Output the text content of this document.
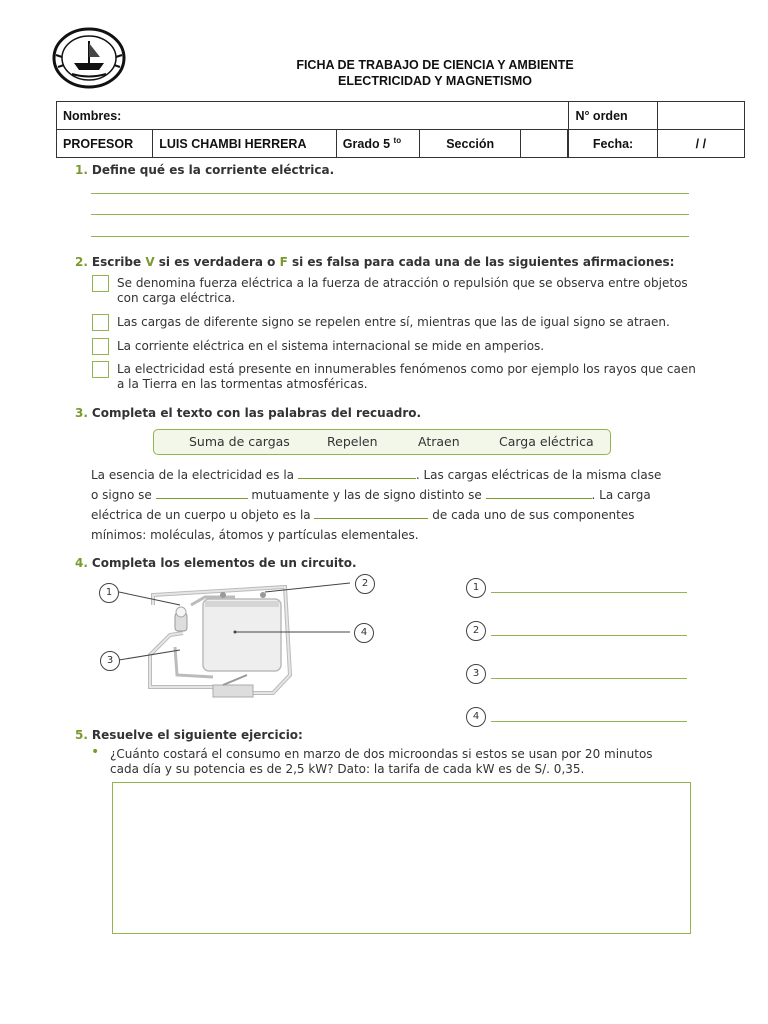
FICHA DE TRABAJO DE CIENCIA Y AMBIENTE
ELECTRICIDAD Y MAGNETISMO
Nombres:					N° orden	
PROFESOR	LUIS CHAMBI HERRERA	Grado 5 $^{to}$	Sección			Fecha:	/ /
1. Define qué es la corriente eléctrica.
2. Escribe V si es verdadera o F si es falsa para cada una de las siguientes afirmaciones:
Se denomina fuerza eléctrica a la fuerza de atracción o repulsión que se observa entre objetos con carga eléctrica.
Las cargas de diferente signo se repelen entre sí, mientras que las de igual signo se atraen.
La corriente eléctrica en el sistema internacional se mide en amperios.
La electricidad está presente en innumerables fenómenos como por ejemplo los rayos que caen a la Tierra en las tormentas atmosféricas.
3. Completa el texto con las palabras del recuadro.
Suma de cargas	Repelen	Atraen	Carga eléctrica
La esencia de la electricidad es la	. Las cargas eléctricas de la misma clase
o signo se	mutuamente y las de signo distinto se	. La carga
eléctrica de un cuerpo u objeto es la	de cada uno de sus componentes
mínimos: moléculas, átomos y partículas elementales.
4. Completa los elementos de un circuito.
1
2
3
4
1
2
3
4
5. Resuelve el siguiente ejercicio:
• ¿Cuánto costará el consumo en marzo de dos microondas si estos se usan por 20 minutos
cada día y su potencia es de 2,5 kW? Dato: la tarifa de cada kW es de S/. 0,35.
